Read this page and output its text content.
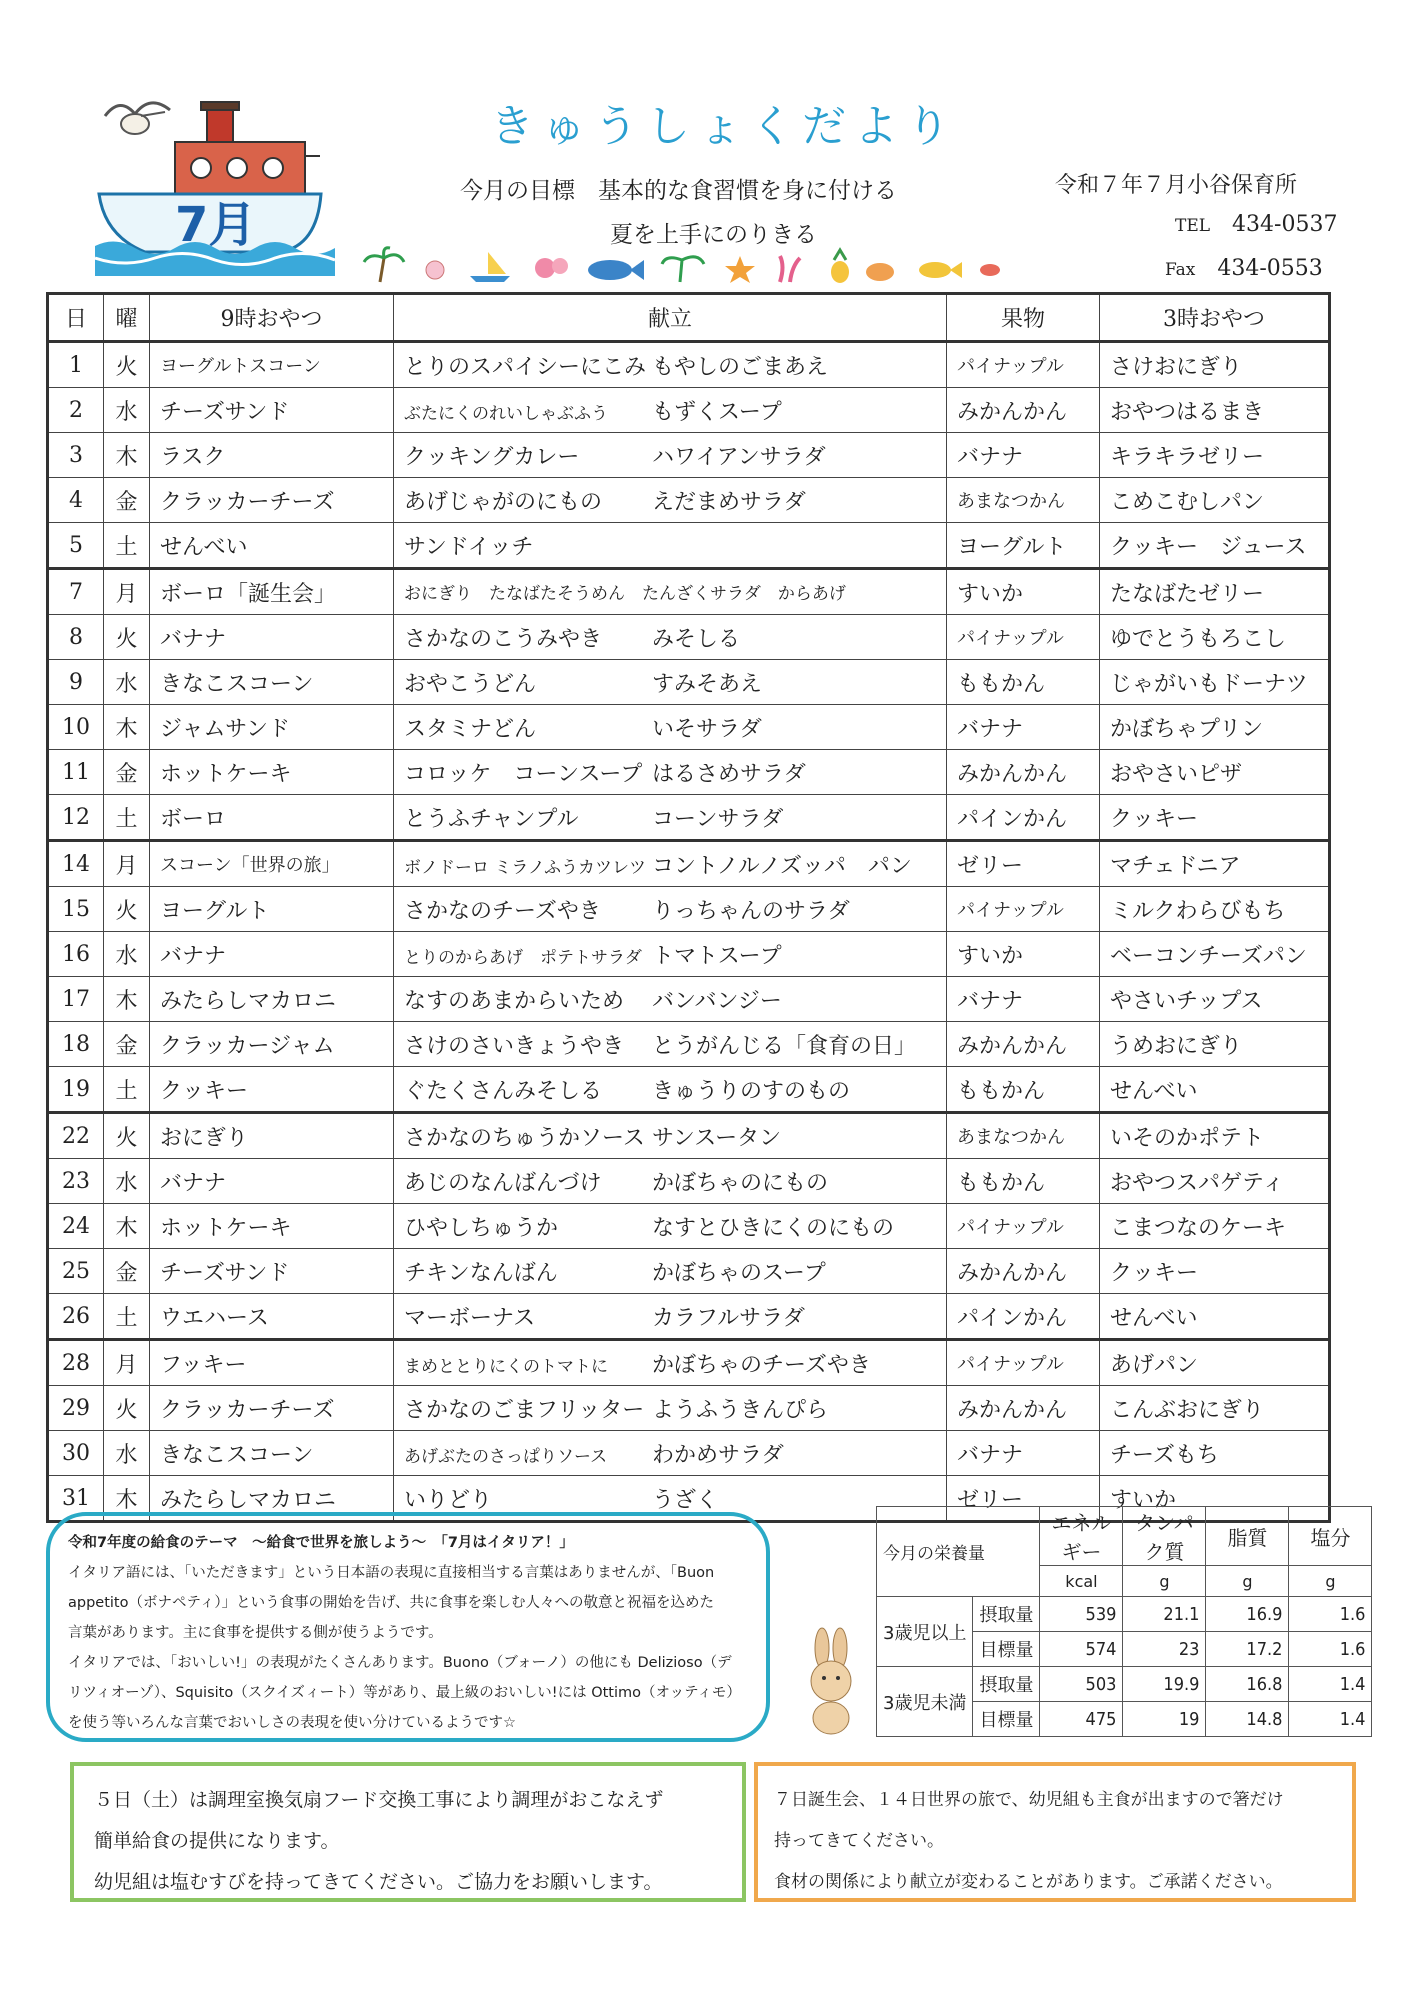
7月
きゅうしょくだより
今月の目標　基本的な食習慣を身に付ける
夏を上手にのりきる
令和７年７月小谷保育所
TEL 434-0537
Fax 434-0553
日	曜	9時おやつ	献立	果物	3時おやつ
1	火	ヨーグルトスコーン	とりのスパイシーにこみ もやしのごまあえ	パイナップル	さけおにぎり
2	水	チーズサンド	ぶたにくのれいしゃぶふう もずくスープ	みかんかん	おやつはるまき
3	木	ラスク	クッキングカレー ハワイアンサラダ	バナナ	キラキラゼリー
4	金	クラッカーチーズ	あげじゃがのにもの えだまめサラダ	あまなつかん	こめこむしパン
5	土	せんべい	サンドイッチ	ヨーグルト	クッキー　ジュース
7	月	ボーロ「誕生会」	おにぎり　たなばたそうめん　たんざくサラダ　からあげ	すいか	たなばたゼリー
8	火	バナナ	さかなのこうみやき みそしる	パイナップル	ゆでとうもろこし
9	水	きなこスコーン	おやこうどん すみそあえ	ももかん	じゃがいもドーナツ
10	木	ジャムサンド	スタミナどん いそサラダ	バナナ	かぼちゃプリン
11	金	ホットケーキ	コロッケ　コーンスープ はるさめサラダ	みかんかん	おやさいピザ
12	土	ボーロ	とうふチャンプル コーンサラダ	パインかん	クッキー
14	月	スコーン「世界の旅」	ボノドーロ ミラノふうカツレツ コントノルノズッパ　パン	ゼリー	マチェドニア
15	火	ヨーグルト	さかなのチーズやき りっちゃんのサラダ	パイナップル	ミルクわらびもち
16	水	バナナ	とりのからあげ　ポテトサラダ トマトスープ	すいか	ベーコンチーズパン
17	木	みたらしマカロニ	なすのあまからいため バンバンジー	バナナ	やさいチップス
18	金	クラッカージャム	さけのさいきょうやき とうがんじる「食育の日」	みかんかん	うめおにぎり
19	土	クッキー	ぐたくさんみそしる きゅうりのすのもの	ももかん	せんべい
22	火	おにぎり	さかなのちゅうかソース サンスータン	あまなつかん	いそのかポテト
23	水	バナナ	あじのなんばんづけ かぼちゃのにもの	ももかん	おやつスパゲティ
24	木	ホットケーキ	ひやしちゅうか なすとひきにくのにもの	パイナップル	こまつなのケーキ
25	金	チーズサンド	チキンなんばん かぼちゃのスープ	みかんかん	クッキー
26	土	ウエハース	マーボーナス カラフルサラダ	パインかん	せんべい
28	月	フッキー	まめととりにくのトマトに かぼちゃのチーズやき	パイナップル	あげパン
29	火	クラッカーチーズ	さかなのごまフリッター ようふうきんぴら	みかんかん	こんぶおにぎり
30	水	きなこスコーン	あげぶたのさっぱりソース わかめサラダ	バナナ	チーズもち
31	木	みたらしマカロニ	いりどり うざく	ゼリー	すいか

令和7年度の給食のテーマ　～給食で世界を旅しよう～　「7月はイタリア！」

イタリア語には、「いただきます」という日本語の表現に直接相当する言葉はありませんが、「Buon

appetito（ボナペティ）」という食事の開始を告げ、共に食事を楽しむ人々への敬意と祝福を込めた

言葉があります。主に食事を提供する側が使うようです。

イタリアでは、「おいしい!」の表現がたくさんあります。Buono（ブォーノ）の他にも Delizioso（デ

リツィオーゾ）、Squisito（スクイズィート）等があり、最上級のおいしい!には Ottimo（オッティモ）

を使う等いろんな言葉でおいしさの表現を使い分けているようです☆

今月の栄養量		エネルギー	タンパク質	脂質	塩分
		kcal	g	g	g
3歳児以上	摂取量	539	21.1	16.9	1.6
	目標量	574	23	17.2	1.6
3歳児未満	摂取量	503	19.9	16.8	1.4
	目標量	475	19	14.8	1.4

５日（土）は調理室換気扇フード交換工事により調理がおこなえず

簡単給食の提供になります。

幼児組は塩むすびを持ってきてください。ご協力をお願いします。

７日誕生会、１４日世界の旅で、幼児組も主食が出ますので箸だけ

持ってきてください。

食材の関係により献立が変わることがあります。ご承諾ください。
